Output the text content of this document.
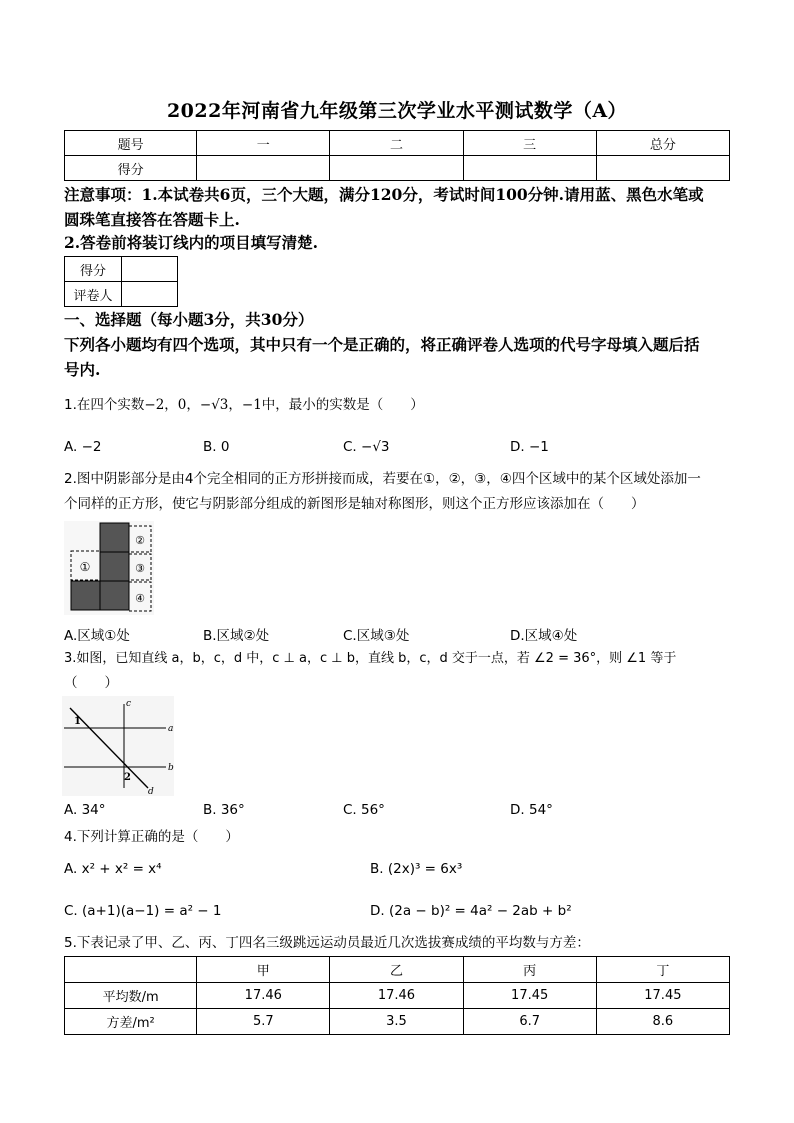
2022年河南省九年级第三次学业水平测试数学（A）
题号	一	二	三	总分
得分				
注意事项：1.本试卷共6页，三个大题，满分120分，考试时间100分钟.请用蓝、黑色水笔或
圆珠笔直接答在答题卡上.
2.答卷前将装订线内的项目填写清楚.
得分	
评卷人	
一、选择题（每小题3分，共30分）
下列各小题均有四个选项，其中只有一个是正确的，将正确评卷人选项的代号字母填入题后括
号内.
1.在四个实数−2，0，−√3，−1中，最小的实数是（　　）
A. −2	B. 0	C. −√3	D. −1
2.图中阴影部分是由4个完全相同的正方形拼接而成，若要在①，②，③，④四个区域中的某个区域处添加一
个同样的正方形，使它与阴影部分组成的新图形是轴对称图形，则这个正方形应该添加在（　　）
①
②
③
④
A.区域①处	B.区域②处	C.区域③处	D.区域④处
3.如图，已知直线 a，b，c，d 中，c ⊥ a，c ⊥ b，直线 b，c，d 交于一点，若 ∠2 = 36°，则 ∠1 等于
（　　）
c
a
b
d
1
2
A. 34°	B. 36°	C. 56°	D. 54°
4.下列计算正确的是（　　）
A. x² + x² = x⁴	B. (2x)³ = 6x³
C. (a+1)(a−1) = a² − 1	D. (2a − b)² = 4a² − 2ab + b²
5.下表记录了甲、乙、丙、丁四名三级跳远运动员最近几次选拔赛成绩的平均数与方差：
	甲	乙	丙	丁
平均数/m	17.46	17.46	17.45	17.45
方差/m²	5.7	3.5	6.7	8.6
